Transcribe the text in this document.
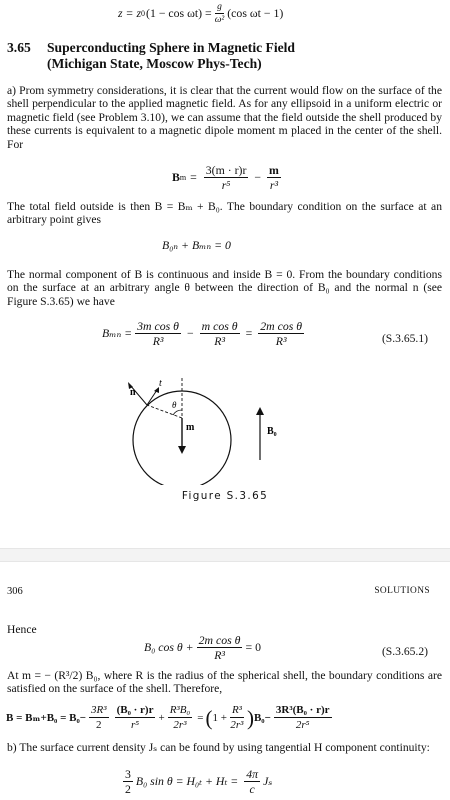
z = z 0 $(1 - \cos \omega t) = \frac{g}{\text{ω²}} (\cos$ ωt − 1)
3.65 Superconducting Sphere in Magnetic Field
(Michigan State, Moscow Phys-Tech)
a) Prom symmetry considerations, it is clear that the current would flow on the surface of the shell perpendicular to the applied magnetic field. As for any ellipsoid in a uniform electric or magnetic field (see Problem 3.10), we can assume that the field outside the shell produced by these currents is equivalent to a magnetic dipole moment m placed in the center of the shell. For
B $m = \frac{3(m \cdot r)r}{\text{r⁵}} - \frac{m}{\text{r³}}$
The total field outside is then B = Bₘ + B₀. The boundary condition on the surface at an arbitrary point gives
B₀ₙ + Bₘₙ = 0
The normal component of B is continuous and inside B = 0. From the boundary conditions on the surface at an arbitrary angle θ between the direction of B₀ and the normal n (see Figure S.3.65) we have
$B_{mn} = \frac{\text{3m cos θ}}{\text{R³}} - \frac{\text{m cos θ}}{\text{R³}} = \frac{\text{2m cos θ}}{\text{R³}}$	(S.3.65.1)
t
n
θ
m	B₀
Figure S.3.65
306	SOLUTIONS
Hence
B₀ $\cos \theta + \frac{\text{2m cos θ}}{\text{R³}} = 0$	(S.3.65.2)
At m = − (R³/2) B₀, where R is the radius of the spherical shell, the boundary conditions are satisfied on the surface of the shell. Therefore,
$B = B_m+B_0 = B_0- \frac{\text{3R³}}{2} \frac{\text{(B₀ · r)r}}{\text{r⁵}} + \frac{\text{R³B₀}}{\text{2r³}}$ = ( $1 + \frac{\text{R³}}{\text{2r³}}$ ) $B_0- \frac{\text{3R³(B₀ · r)r}}{\text{2r⁵}}$
b) The surface current density Jₛ can be found by using tangential H component continuity:
$\frac{3}{2} B_0$ $\sin \theta = H_{0t} + H_t = \frac{4\pi}{c}$ Jₛ
